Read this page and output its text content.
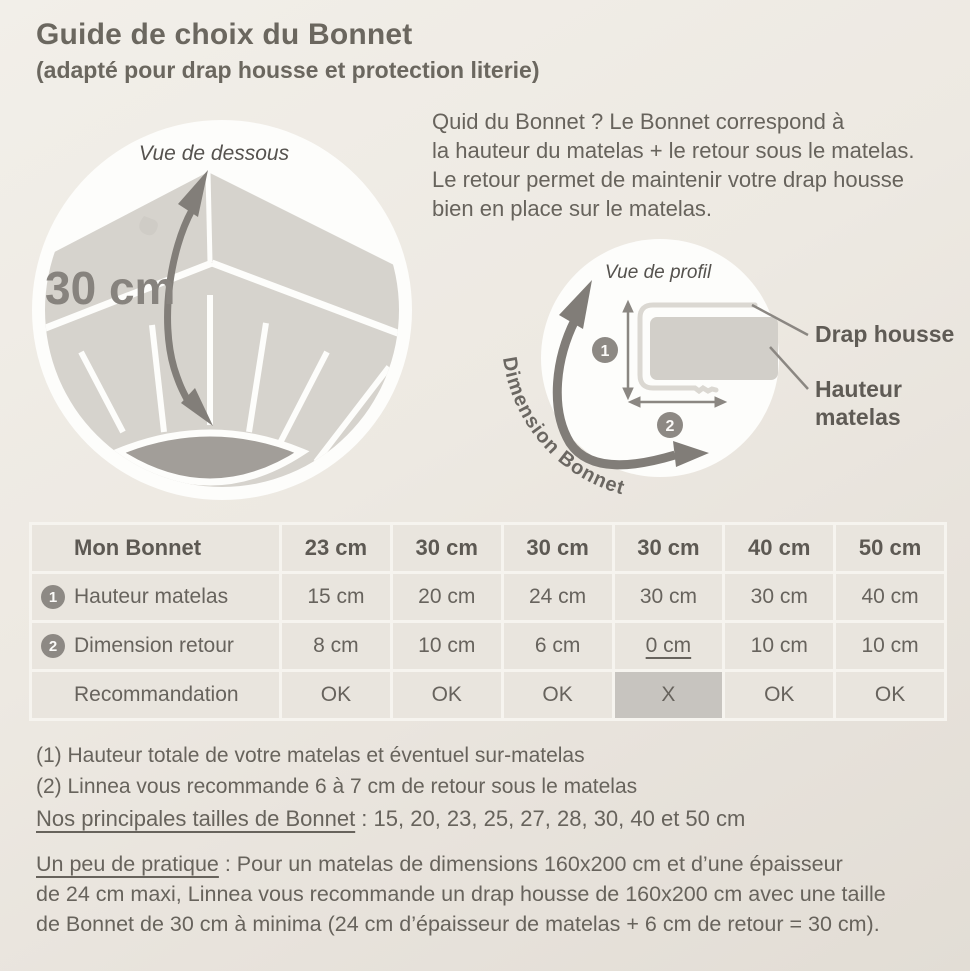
Guide de choix du Bonnet
(adapté pour drap housse et protection literie)
Quid du Bonnet ? Le Bonnet correspond à
la hauteur du matelas + le retour sous le matelas.
Le retour permet de maintenir votre drap housse
bien en place sur le matelas.
Vue de dessous
30 cm
1
2
Dimension Bonnet
Vue de profil
Drap housse
Hauteur
matelas
Mon Bonnet	23 cm	30 cm	30 cm	30 cm	40 cm	50 cm
1 Hauteur matelas	15 cm	20 cm	24 cm	30 cm	30 cm	40 cm
2 Dimension retour	8 cm	10 cm	6 cm	0 cm	10 cm	10 cm
Recommandation	OK	OK	OK	X	OK	OK
(1) Hauteur totale de votre matelas et éventuel sur-matelas
(2) Linnea vous recommande 6 à 7 cm de retour sous le matelas
Nos principales tailles de Bonnet : 15, 20, 23, 25, 27, 28, 30, 40 et 50 cm
Un peu de pratique : Pour un matelas de dimensions 160x200 cm et d’une épaisseur
de 24 cm maxi, Linnea vous recommande un drap housse de 160x200 cm avec une taille
de Bonnet de 30 cm à minima (24 cm d’épaisseur de matelas + 6 cm de retour = 30 cm).
